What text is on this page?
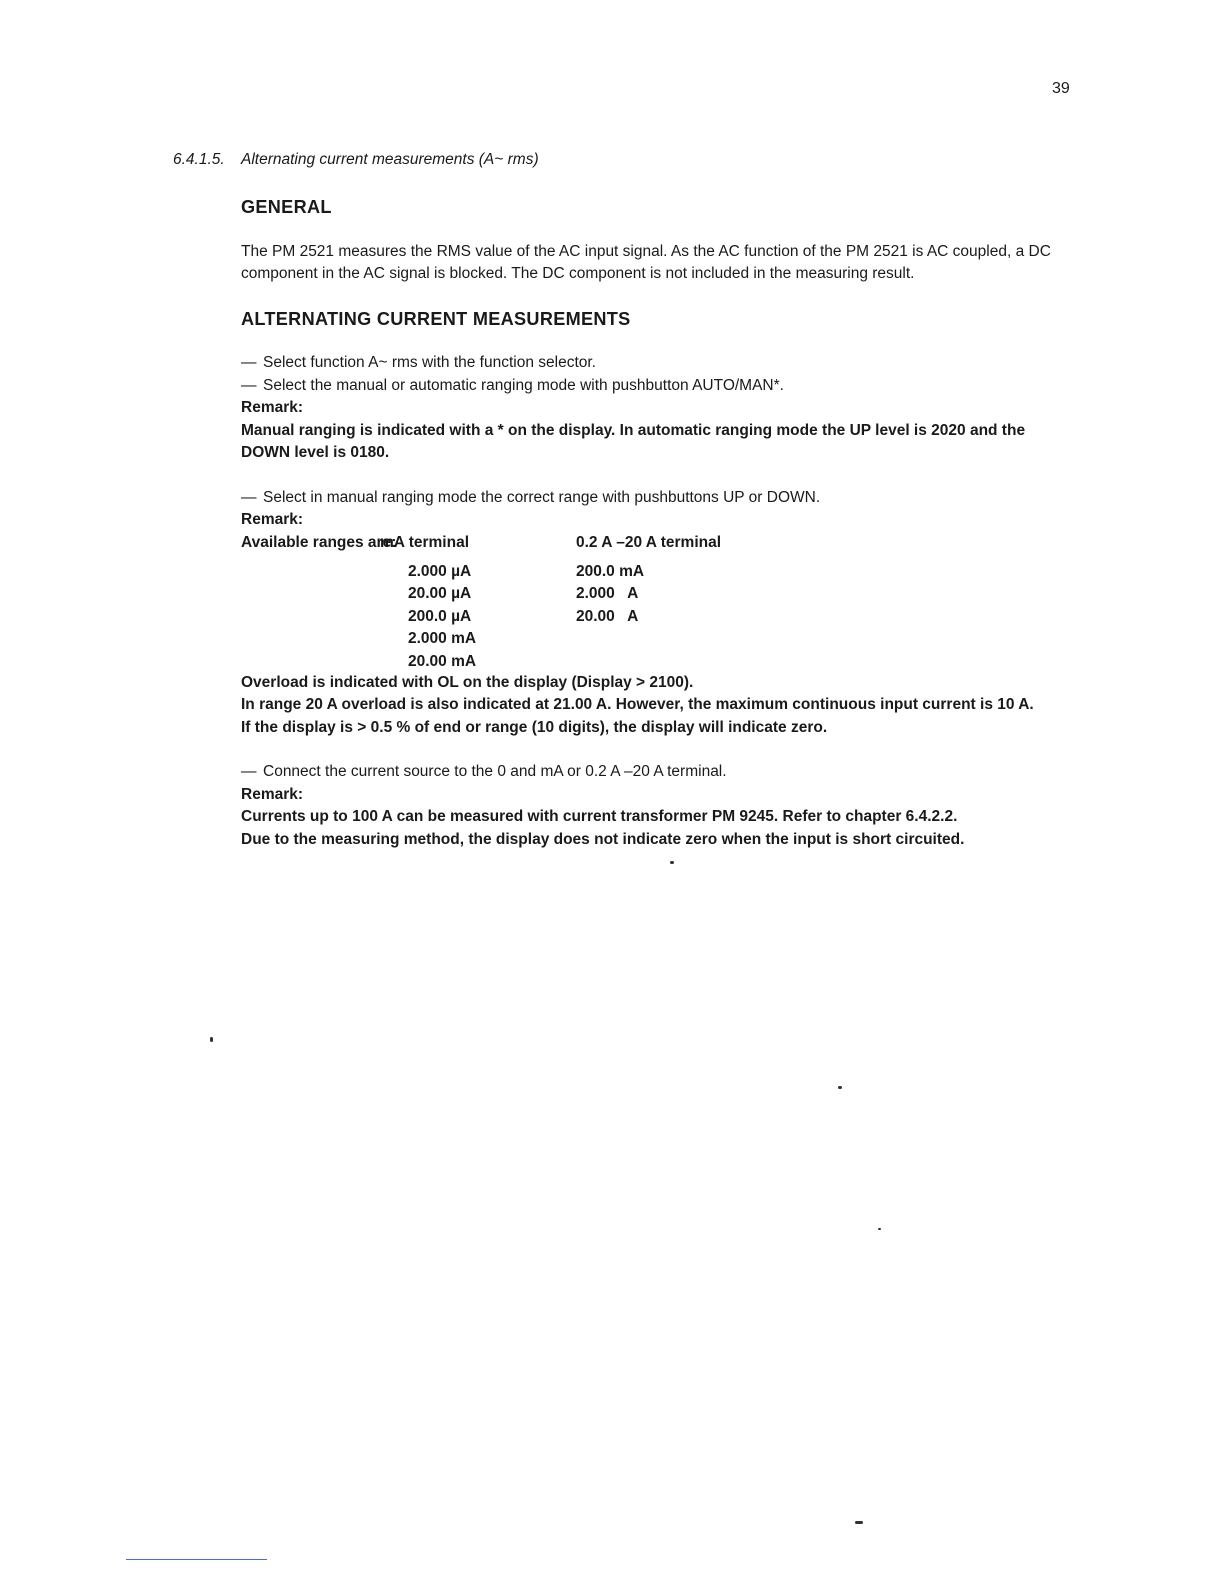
39
6.4.1.5. Alternating current measurements (A~ rms)
GENERAL

The PM 2521 measures the RMS value of the AC input signal. As the AC function of the PM 2521 is AC coupled, a DC component in the AC signal is blocked. The DC component is not included in the measuring result.

ALTERNATING CURRENT MEASUREMENTS
— Select function A~ rms with the function selector.
— Select the manual or automatic ranging mode with pushbutton AUTO/MAN*.
Remark:
Manual ranging is indicated with a * on the display. In automatic ranging mode the UP level is 2020 and the DOWN level is 0180.
— Select in manual ranging mode the correct range with pushbuttons UP or DOWN.
Remark:
Available ranges are:
mA terminal	0.2 A –20 A terminal
2.000 µA
20.00 µA
200.0 µA
2.000 mA
20.00 mA
200.0 mA
2.000   A
20.00   A
Overload is indicated with OL on the display (Display > 2100).
In range 20 A overload is also indicated at 21.00 A. However, the maximum continuous input current is 10 A.
If the display is > 0.5 % of end or range (10 digits), the display will indicate zero.
— Connect the current source to the 0 and mA or 0.2 A –20 A terminal.
Remark:
Currents up to 100 A can be measured with current transformer PM 9245. Refer to chapter 6.4.2.2.
Due to the measuring method, the display does not indicate zero when the input is short circuited.
